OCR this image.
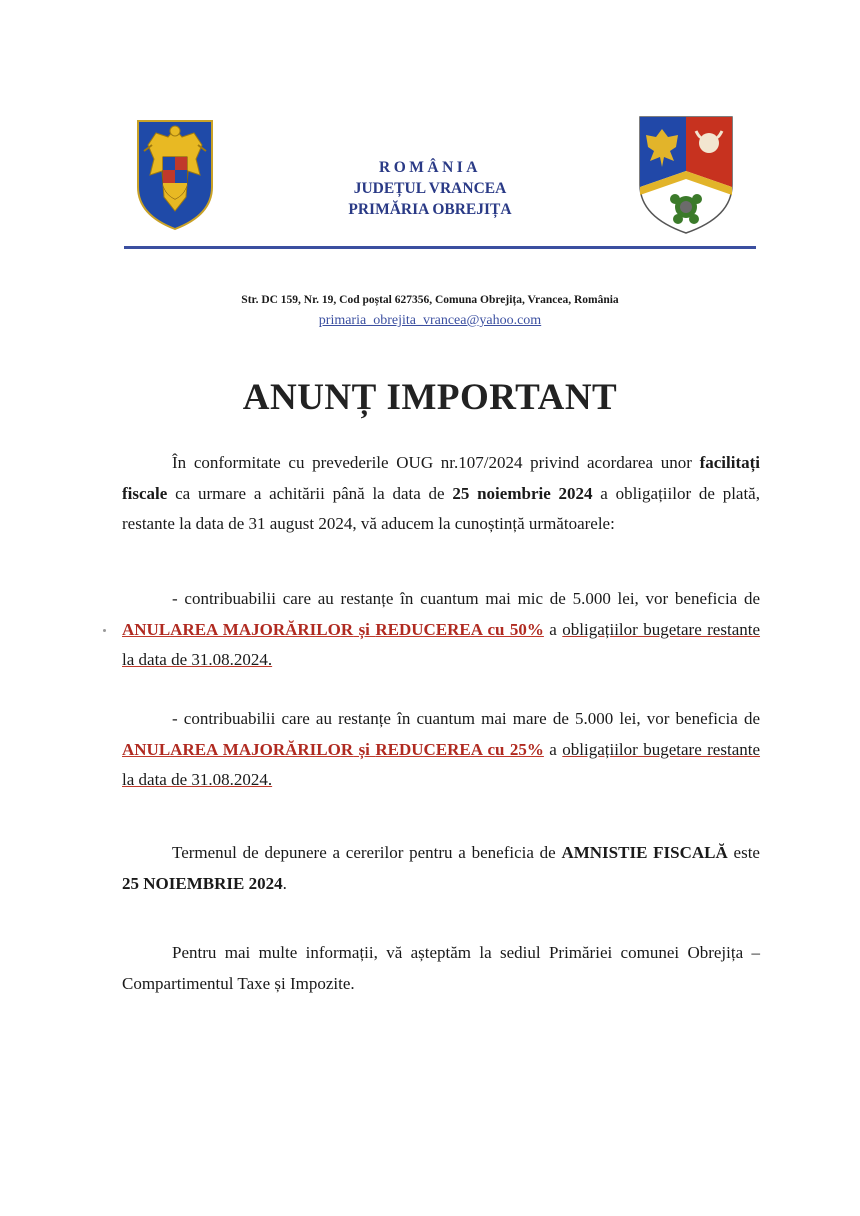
ROMÂNIA
JUDEȚUL VRANCEA
PRIMĂRIA OBREJIȚA
Str. DC 159, Nr. 19, Cod poștal 627356, Comuna Obrejița, Vrancea, România
primaria_obrejita_vrancea@yahoo.com
ANUNȚ IMPORTANT
În conformitate cu prevederile OUG nr.107/2024 privind acordarea unor facilitați fiscale ca urmare a achitării până la data de 25 noiembrie 2024 a obligațiilor de plată, restante la data de 31 august 2024, vă aducem la cunoștință următoarele:
- contribuabilii care au restanțe în cuantum mai mic de 5.000 lei, vor beneficia de ANULAREA MAJORĂRILOR și REDUCEREA cu 50% a obligațiilor bugetare restante la data de 31.08.2024.
- contribuabilii care au restanțe în cuantum mai mare de 5.000 lei, vor beneficia de ANULAREA MAJORĂRILOR și REDUCEREA cu 25% a obligațiilor bugetare restante la data de 31.08.2024.
Termenul de depunere a cererilor pentru a beneficia de AMNISTIE FISCALĂ este 25 NOIEMBRIE 2024.
Pentru mai multe informații, vă așteptăm la sediul Primăriei comunei Obrejița – Compartimentul Taxe și Impozite.
